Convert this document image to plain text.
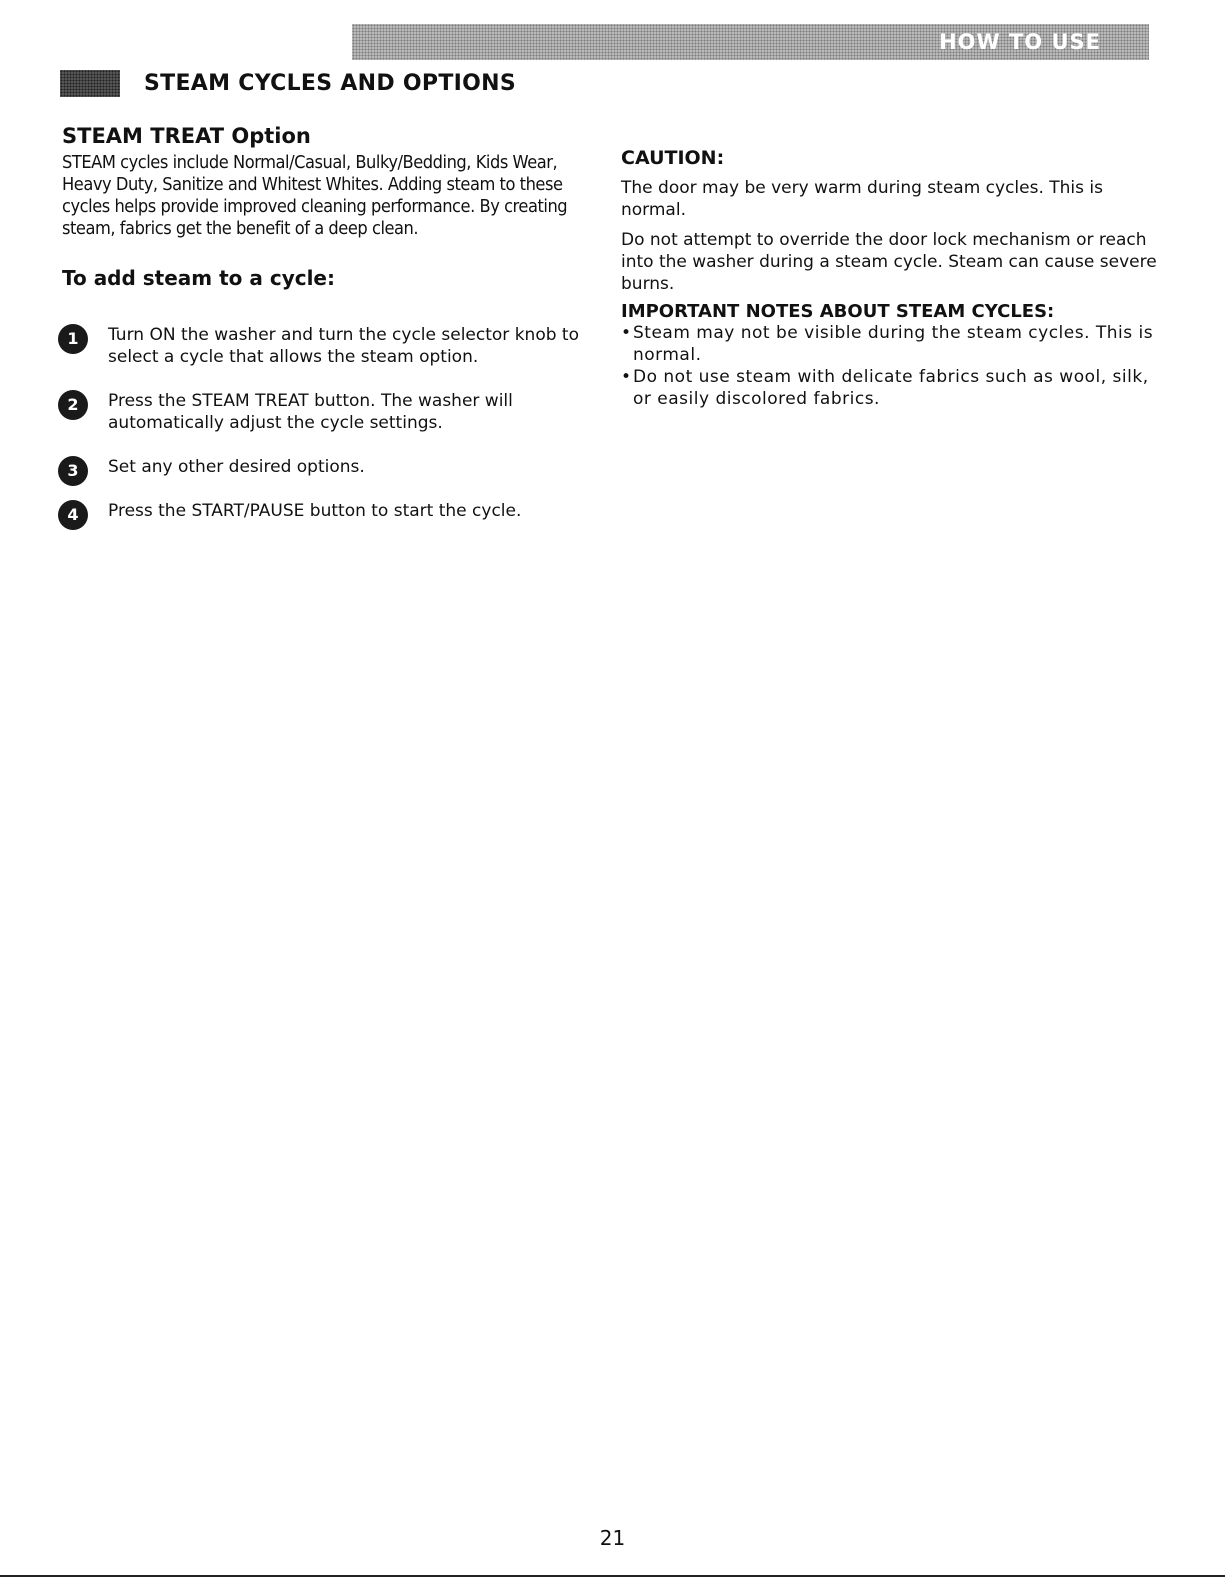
HOW TO USE
STEAM CYCLES AND OPTIONS
STEAM TREAT Option
STEAM cycles include Normal/Casual, Bulky/Bedding, Kids Wear, Heavy Duty, Sanitize and Whitest Whites. Adding steam to these cycles helps provide improved cleaning performance. By creating steam, fabrics get the benefit of a deep clean.
To add steam to a cycle:
1	Turn ON the washer and turn the cycle selector knob to select a cycle that allows the steam option.
2	Press the STEAM TREAT button. The washer will automatically adjust the cycle settings.
3	Set any other desired options.
4	Press the START/PAUSE button to start the cycle.
CAUTION:

The door may be very warm during steam cycles. This is normal.

Do not attempt to override the door lock mechanism or reach into the washer during a steam cycle. Steam can cause severe burns.

IMPORTANT NOTES ABOUT STEAM CYCLES:
• Steam may not be visible during the steam cycles. This is normal.
• Do not use steam with delicate fabrics such as wool, silk, or easily discolored fabrics.
21
